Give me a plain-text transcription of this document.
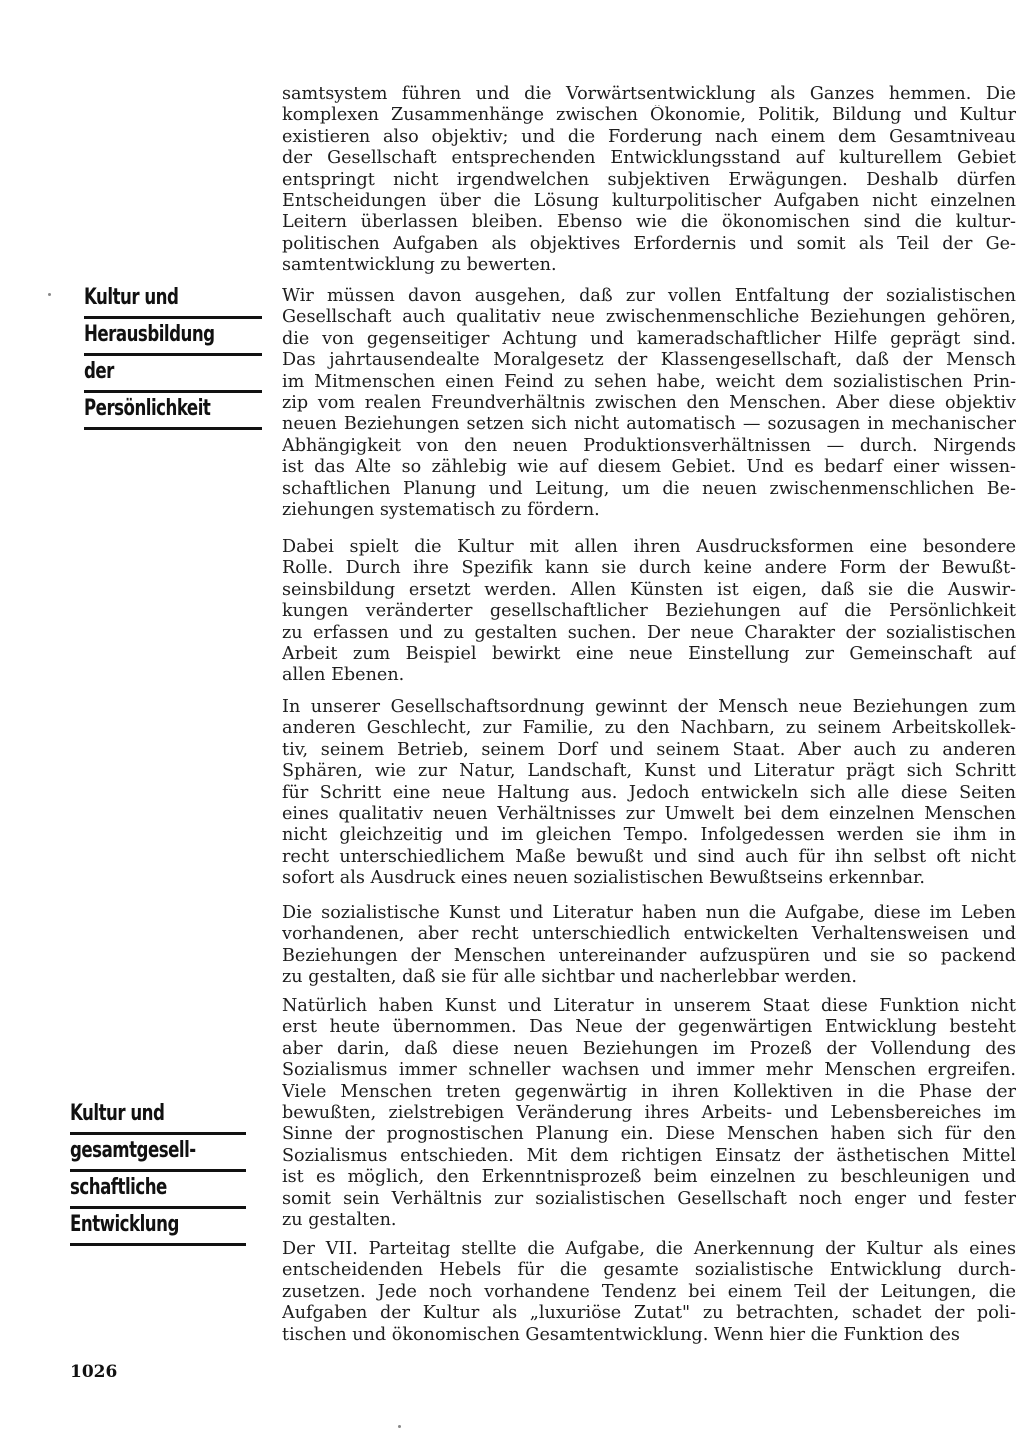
Kultur und
Herausbildung
der
Persönlichkeit
Kultur und
gesamtgesell-
schaftliche
Entwicklung
samtsystem führen und die Vorwärtsentwicklung als Ganzes hemmen. Die
komplexen Zusammenhänge zwischen Ökonomie, Politik, Bildung und Kultur
existieren also objektiv; und die Forderung nach einem dem Gesamtniveau
der Gesellschaft entsprechenden Entwicklungsstand auf kulturellem Gebiet
entspringt nicht irgendwelchen subjektiven Erwägungen. Deshalb dürfen
Entscheidungen über die Lösung kulturpolitischer Aufgaben nicht einzelnen
Leitern überlassen bleiben. Ebenso wie die ökonomischen sind die kultur-
politischen Aufgaben als objektives Erfordernis und somit als Teil der Ge-
samtentwicklung zu bewerten.
Wir müssen davon ausgehen, daß zur vollen Entfaltung der sozialistischen
Gesellschaft auch qualitativ neue zwischenmenschliche Beziehungen gehören,
die von gegenseitiger Achtung und kameradschaftlicher Hilfe geprägt sind.
Das jahrtausendealte Moralgesetz der Klassengesellschaft, daß der Mensch
im Mitmenschen einen Feind zu sehen habe, weicht dem sozialistischen Prin-
zip vom realen Freundverhältnis zwischen den Menschen. Aber diese objektiv
neuen Beziehungen setzen sich nicht automatisch — sozusagen in mechanischer
Abhängigkeit von den neuen Produktionsverhältnissen — durch. Nirgends
ist das Alte so zählebig wie auf diesem Gebiet. Und es bedarf einer wissen-
schaftlichen Planung und Leitung, um die neuen zwischenmenschlichen Be-
ziehungen systematisch zu fördern.
Dabei spielt die Kultur mit allen ihren Ausdrucksformen eine besondere
Rolle. Durch ihre Spezifik kann sie durch keine andere Form der Bewußt-
seinsbildung ersetzt werden. Allen Künsten ist eigen, daß sie die Auswir-
kungen veränderter gesellschaftlicher Beziehungen auf die Persönlichkeit
zu erfassen und zu gestalten suchen. Der neue Charakter der sozialistischen
Arbeit zum Beispiel bewirkt eine neue Einstellung zur Gemeinschaft auf
allen Ebenen.
In unserer Gesellschaftsordnung gewinnt der Mensch neue Beziehungen zum
anderen Geschlecht, zur Familie, zu den Nachbarn, zu seinem Arbeitskollek-
tiv, seinem Betrieb, seinem Dorf und seinem Staat. Aber auch zu anderen
Sphären, wie zur Natur, Landschaft, Kunst und Literatur prägt sich Schritt
für Schritt eine neue Haltung aus. Jedoch entwickeln sich alle diese Seiten
eines qualitativ neuen Verhältnisses zur Umwelt bei dem einzelnen Menschen
nicht gleichzeitig und im gleichen Tempo. Infolgedessen werden sie ihm in
recht unterschiedlichem Maße bewußt und sind auch für ihn selbst oft nicht
sofort als Ausdruck eines neuen sozialistischen Bewußtseins erkennbar.
Die sozialistische Kunst und Literatur haben nun die Aufgabe, diese im Leben
vorhandenen, aber recht unterschiedlich entwickelten Verhaltensweisen und
Beziehungen der Menschen untereinander aufzuspüren und sie so packend
zu gestalten, daß sie für alle sichtbar und nacherlebbar werden.
Natürlich haben Kunst und Literatur in unserem Staat diese Funktion nicht
erst heute übernommen. Das Neue der gegenwärtigen Entwicklung besteht
aber darin, daß diese neuen Beziehungen im Prozeß der Vollendung des
Sozialismus immer schneller wachsen und immer mehr Menschen ergreifen.
Viele Menschen treten gegenwärtig in ihren Kollektiven in die Phase der
bewußten, zielstrebigen Veränderung ihres Arbeits- und Lebensbereiches im
Sinne der prognostischen Planung ein. Diese Menschen haben sich für den
Sozialismus entschieden. Mit dem richtigen Einsatz der ästhetischen Mittel
ist es möglich, den Erkenntnisprozeß beim einzelnen zu beschleunigen und
somit sein Verhältnis zur sozialistischen Gesellschaft noch enger und fester
zu gestalten.
Der VII. Parteitag stellte die Aufgabe, die Anerkennung der Kultur als eines
entscheidenden Hebels für die gesamte sozialistische Entwicklung durch-
zusetzen. Jede noch vorhandene Tendenz bei einem Teil der Leitungen, die
Aufgaben der Kultur als „luxuriöse Zutat" zu betrachten, schadet der poli-
tischen und ökonomischen Gesamtentwicklung. Wenn hier die Funktion des
1026
